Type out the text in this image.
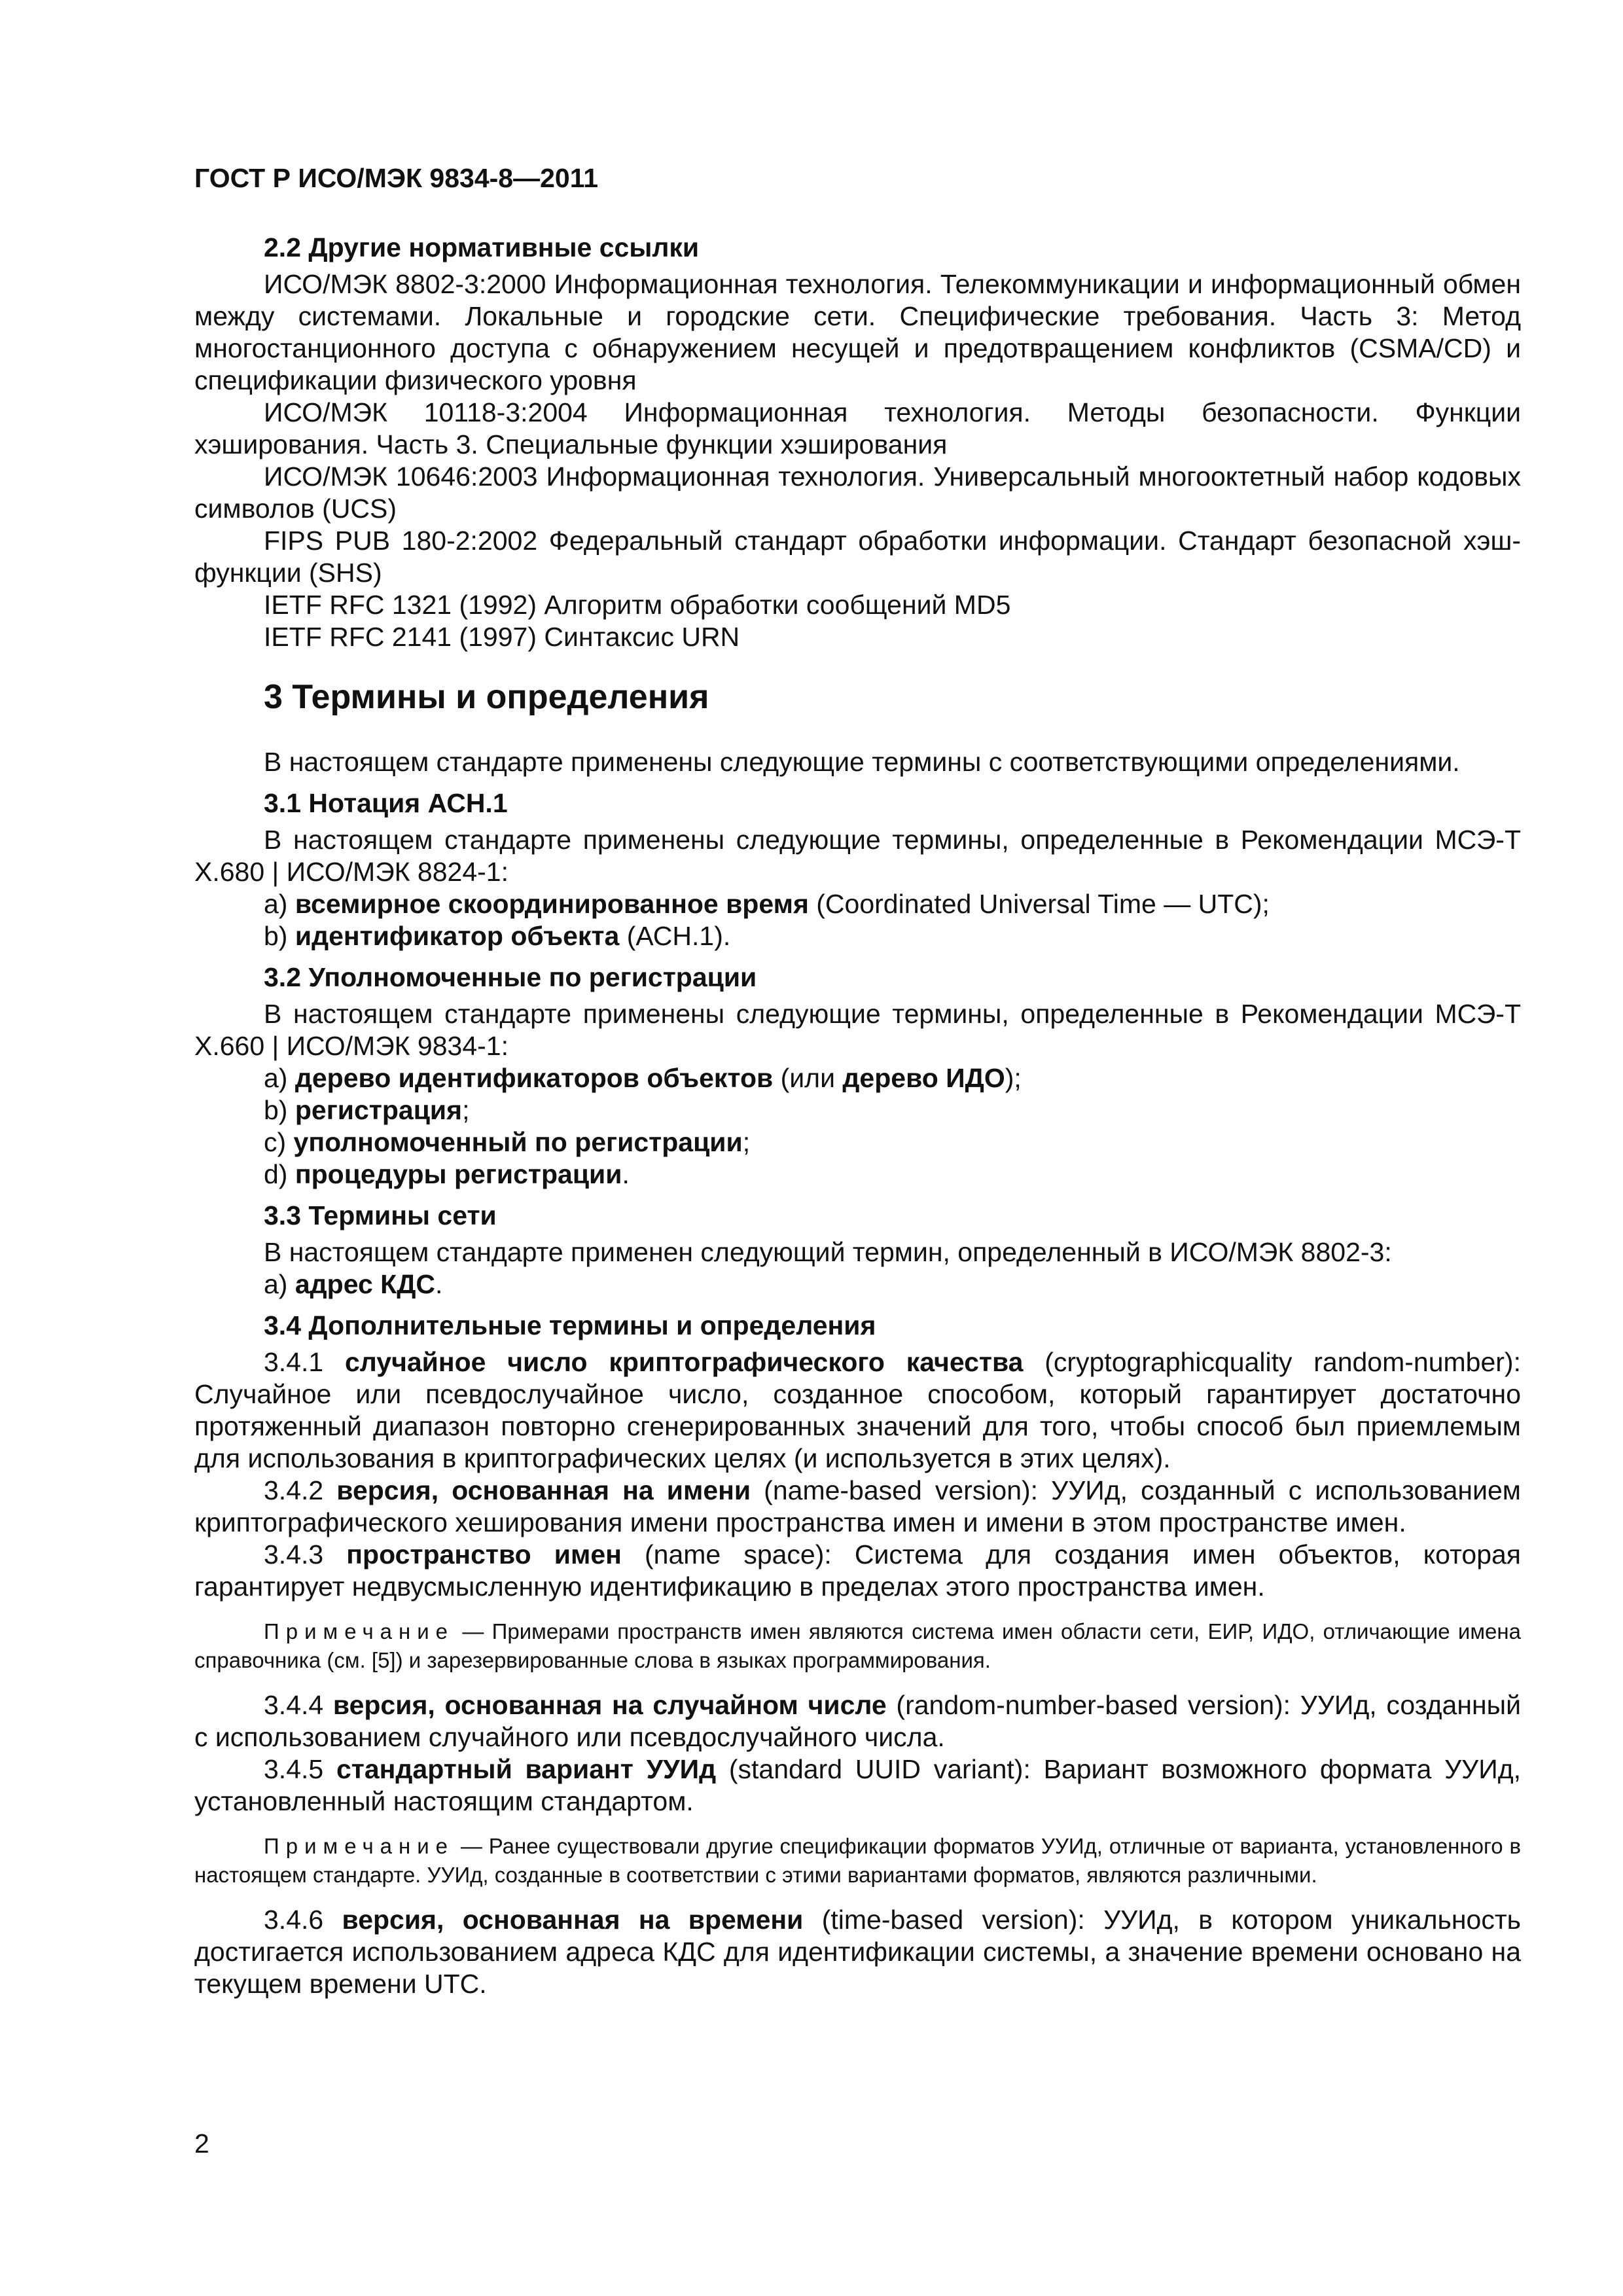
ГОСТ Р ИСО/МЭК 9834-8—2011

2.2 Другие нормативные ссылки

ИСО/МЭК 8802-3:2000 Информационная технология. Телекоммуникации и информационный обмен между системами. Локальные и городские сети. Специфические требования. Часть 3: Метод многостанционного доступа с обнаружением несущей и предотвращением конфликтов (CSMA/CD) и спецификации физического уровня

ИСО/МЭК 10118-3:2004 Информационная технология. Методы безопасности. Функции хэширования. Часть 3. Специальные функции хэширования

ИСО/МЭК 10646:2003 Информационная технология. Универсальный многооктетный набор кодовых символов (UCS)

FIPS PUB 180-2:2002 Федеральный стандарт обработки информации. Стандарт безопасной хэш-функции (SHS)

IETF RFC 1321 (1992) Алгоритм обработки сообщений MD5

IETF RFC 2141 (1997) Синтаксис URN

3 Термины и определения

В настоящем стандарте применены следующие термины с соответствующими определениями.

3.1 Нотация АСН.1

В настоящем стандарте применены следующие термины, определенные в Рекомендации МСЭ-Т X.680 | ИСО/МЭК 8824-1:

a) всемирное скоординированное время (Coordinated Universal Time — UTC);

b) идентификатор объекта (АСН.1).

3.2 Уполномоченные по регистрации

В настоящем стандарте применены следующие термины, определенные в Рекомендации МСЭ-Т X.660 | ИСО/МЭК 9834-1:

a) дерево идентификаторов объектов (или дерево ИДО);

b) регистрация;

c) уполномоченный по регистрации;

d) процедуры регистрации.

3.3 Термины сети

В настоящем стандарте применен следующий термин, определенный в ИСО/МЭК 8802-3:

a) адрес КДС.

3.4 Дополнительные термины и определения

3.4.1 случайное число криптографического качества (cryptographicquality random-number): Случайное или псевдослучайное число, созданное способом, который гарантирует достаточно протяженный диапазон повторно сгенерированных значений для того, чтобы способ был приемлемым для использования в криптографических целях (и используется в этих целях).

3.4.2 версия, основанная на имени (name-based version): УУИд, созданный с использованием криптографического хеширования имени пространства имен и имени в этом пространстве имен.

3.4.3 пространство имен (name space): Система для создания имен объектов, которая гарантирует недвусмысленную идентификацию в пределах этого пространства имен.

Примечание — Примерами пространств имен являются система имен области сети, ЕИР, ИДО, отличающие имена справочника (см. [5]) и зарезервированные слова в языках программирования.

3.4.4 версия, основанная на случайном числе (random-number-based version): УУИд, созданный с использованием случайного или псевдослучайного числа.

3.4.5 стандартный вариант УУИд (standard UUID variant): Вариант возможного формата УУИд, установленный настоящим стандартом.

Примечание — Ранее существовали другие спецификации форматов УУИд, отличные от варианта, установленного в настоящем стандарте. УУИд, созданные в соответствии с этими вариантами форматов, являются различными.

3.4.6 версия, основанная на времени (time-based version): УУИд, в котором уникальность достигается использованием адреса КДС для идентификации системы, а значение времени основано на текущем времени UTC.

2
